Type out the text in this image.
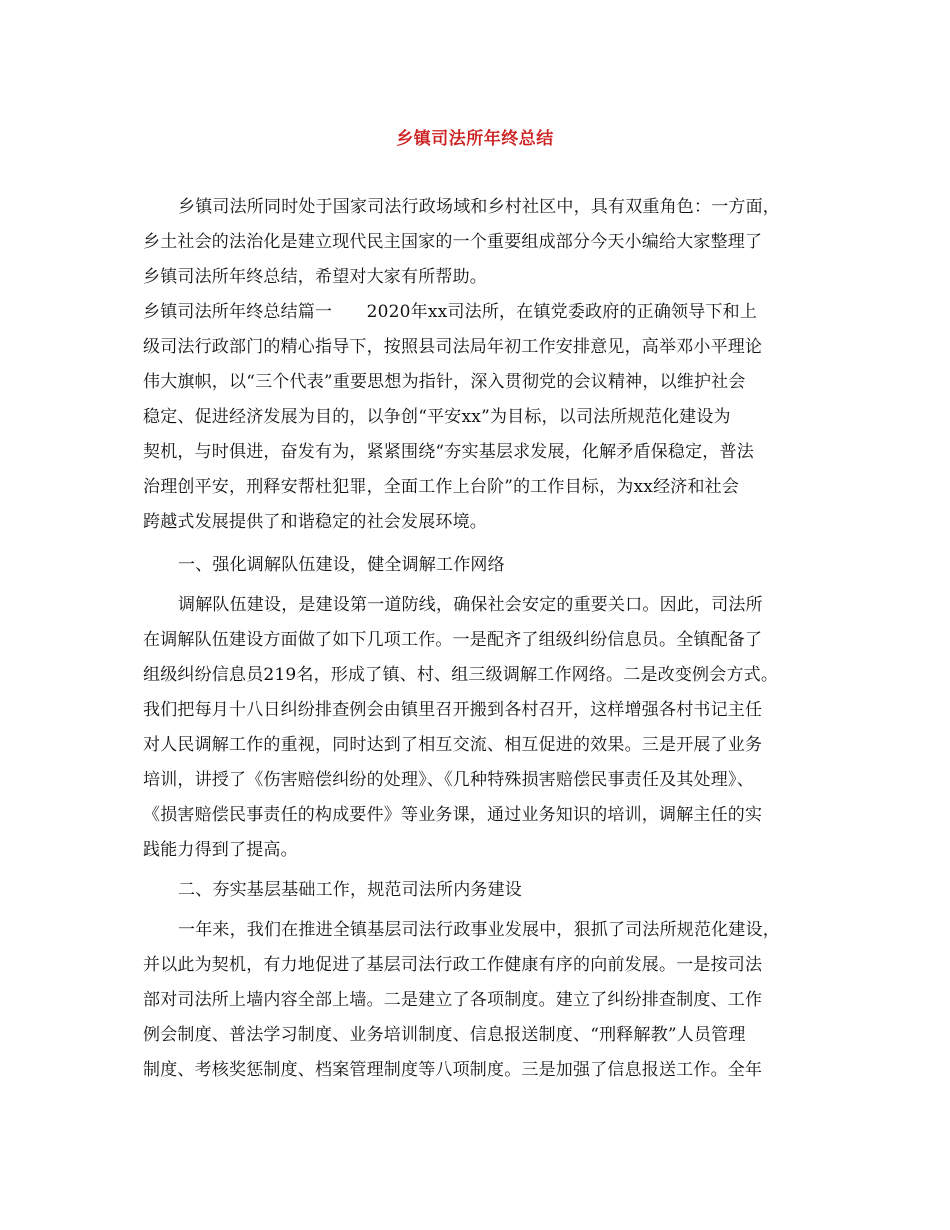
乡镇司法所年终总结
乡镇司法所同时处于国家司法行政场域和乡村社区中，具有双重角色：一方面，
乡土社会的法治化是建立现代民主国家的一个重要组成部分今天小编给大家整理了
乡镇司法所年终总结，希望对大家有所帮助。
乡镇司法所年终总结篇一　　2020年xx司法所，在镇党委政府的正确领导下和上
级司法行政部门的精心指导下，按照县司法局年初工作安排意见，高举邓小平理论
伟大旗帜，以“三个代表”重要思想为指针，深入贯彻党的会议精神，以维护社会
稳定、促进经济发展为目的，以争创“平安xx”为目标，以司法所规范化建设为
契机，与时俱进，奋发有为，紧紧围绕“夯实基层求发展，化解矛盾保稳定，普法
治理创平安，刑释安帮杜犯罪，全面工作上台阶”的工作目标，为xx经济和社会
跨越式发展提供了和谐稳定的社会发展环境。
一、强化调解队伍建设，健全调解工作网络
调解队伍建设，是建设第一道防线，确保社会安定的重要关口。因此，司法所
在调解队伍建设方面做了如下几项工作。一是配齐了组级纠纷信息员。全镇配备了
组级纠纷信息员219名，形成了镇、村、组三级调解工作网络。二是改变例会方式。
我们把每月十八日纠纷排查例会由镇里召开搬到各村召开，这样增强各村书记主任
对人民调解工作的重视，同时达到了相互交流、相互促进的效果。三是开展了业务
培训，讲授了《伤害赔偿纠纷的处理》、《几种特殊损害赔偿民事责任及其处理》、
《损害赔偿民事责任的构成要件》等业务课，通过业务知识的培训，调解主任的实
践能力得到了提高。
二、夯实基层基础工作，规范司法所内务建设
一年来，我们在推进全镇基层司法行政事业发展中，狠抓了司法所规范化建设，
并以此为契机，有力地促进了基层司法行政工作健康有序的向前发展。一是按司法
部对司法所上墙内容全部上墙。二是建立了各项制度。建立了纠纷排查制度、工作
例会制度、普法学习制度、业务培训制度、信息报送制度、“刑释解教”人员管理
制度、考核奖惩制度、档案管理制度等八项制度。三是加强了信息报送工作。全年
